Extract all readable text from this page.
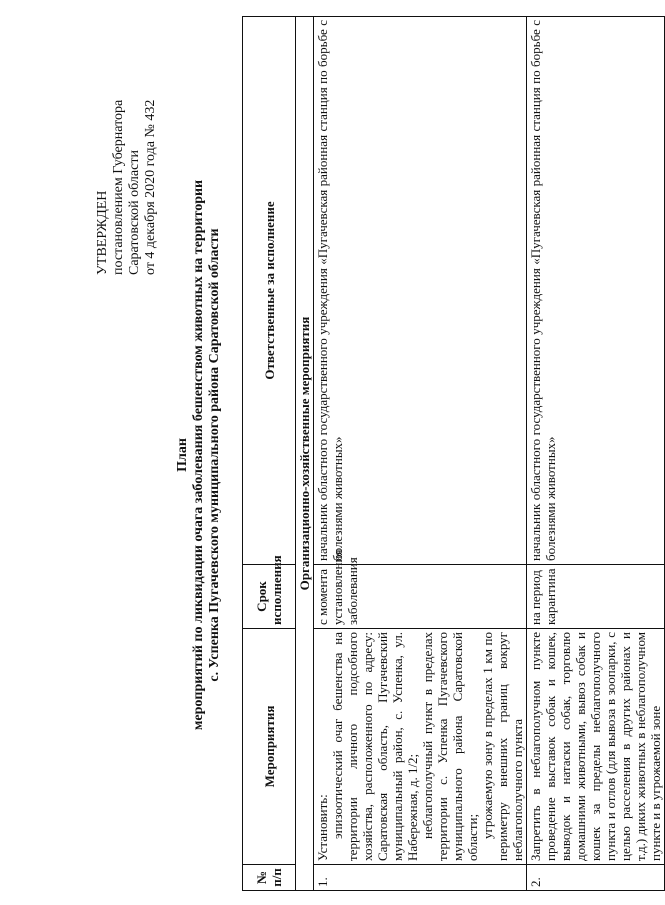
УТВЕРЖДЕН постановлением Губернатора Саратовской области от 4 декабря 2020 года № 432
План мероприятий по ликвидации очага заболевания бешенством животных на территории с. Успенка Пугачевского муниципального района Саратовской области
№ п/п	Мероприятия	Срок исполнения	Ответственные за исполнение
Организационно-хозяйственные мероприятия			
1.	Установить: эпизоотический очаг бешенства на территории личного подсобного хозяйства, расположенного по адресу: Саратовская область, Пугачевский муниципальный район, с. Успенка, ул. Набережная, д. 1/2; неблагополучный пункт в пределах территории с. Успенка Пугачевского муниципального района Саратовской области; угрожаемую зону в пределах 1 км по периметру внешних границ вокруг неблагополучного пункта	с момента установления заболевания	начальник областного государственного учреждения «Пугачевская районная станция по борьбе с болезнями животных»
2.	Запретить в неблагополучном пункте проведение выставок собак и кошек, выводок и натаски собак, торговлю домашними животными, вывоз собак и кошек за пределы неблагополучного пункта и отлов (для вывоза в зоопарки, с целью расселения в других районах и т.д.) диких животных в неблагополучном пункте и в угрожаемой зоне	на период карантина	начальник областного государственного учреждения «Пугачевская районная станция по борьбе с болезнями животных»
